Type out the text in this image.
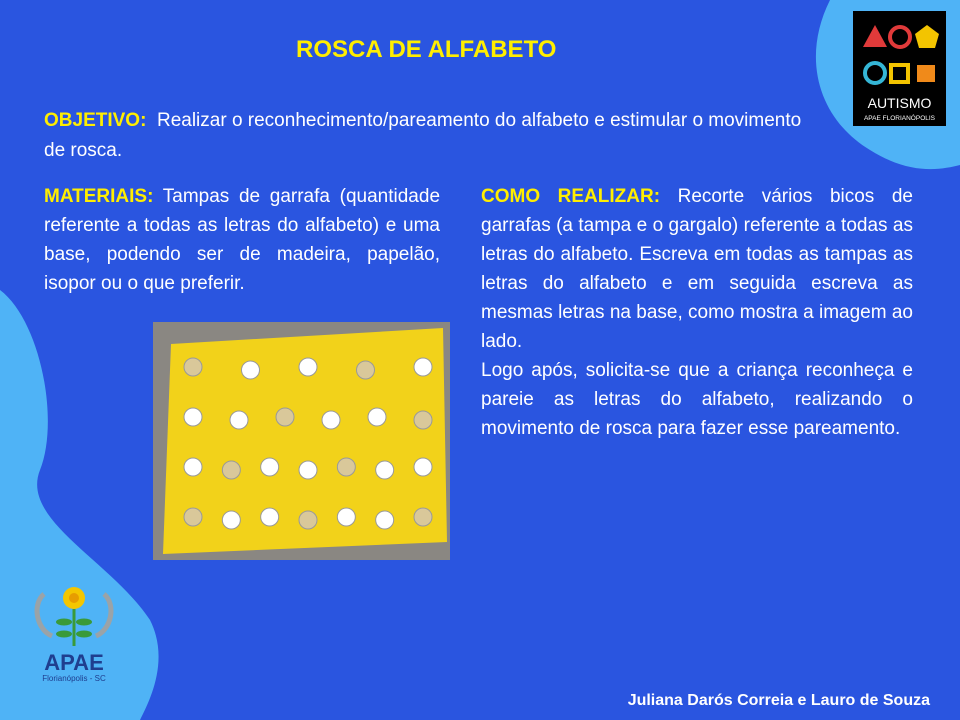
ROSCA DE ALFABETO
OBJETIVO: Realizar o reconhecimento/pareamento do alfabeto e estimular o movimento de rosca.
MATERIAIS: Tampas de garrafa (quantidade referente a todas as letras do alfabeto) e uma base, podendo ser de madeira, papelão, isopor ou o que preferir.

COMO REALIZAR: Recorte vários bicos de garrafas (a tampa e o gargalo) referente a todas as letras do alfabeto. Escreva em todas as tampas as letras do alfabeto e em seguida escreva as mesmas letras na base, como mostra a imagem ao lado.

Logo após, solicita-se que a criança reconheça e pareie as letras do alfabeto, realizando o movimento de rosca para fazer esse pareamento.

AUTISMO
APAE FLORIANÓPOLIS
APAE
Florianópolis - SC
Juliana Darós Correia e Lauro de Souza
